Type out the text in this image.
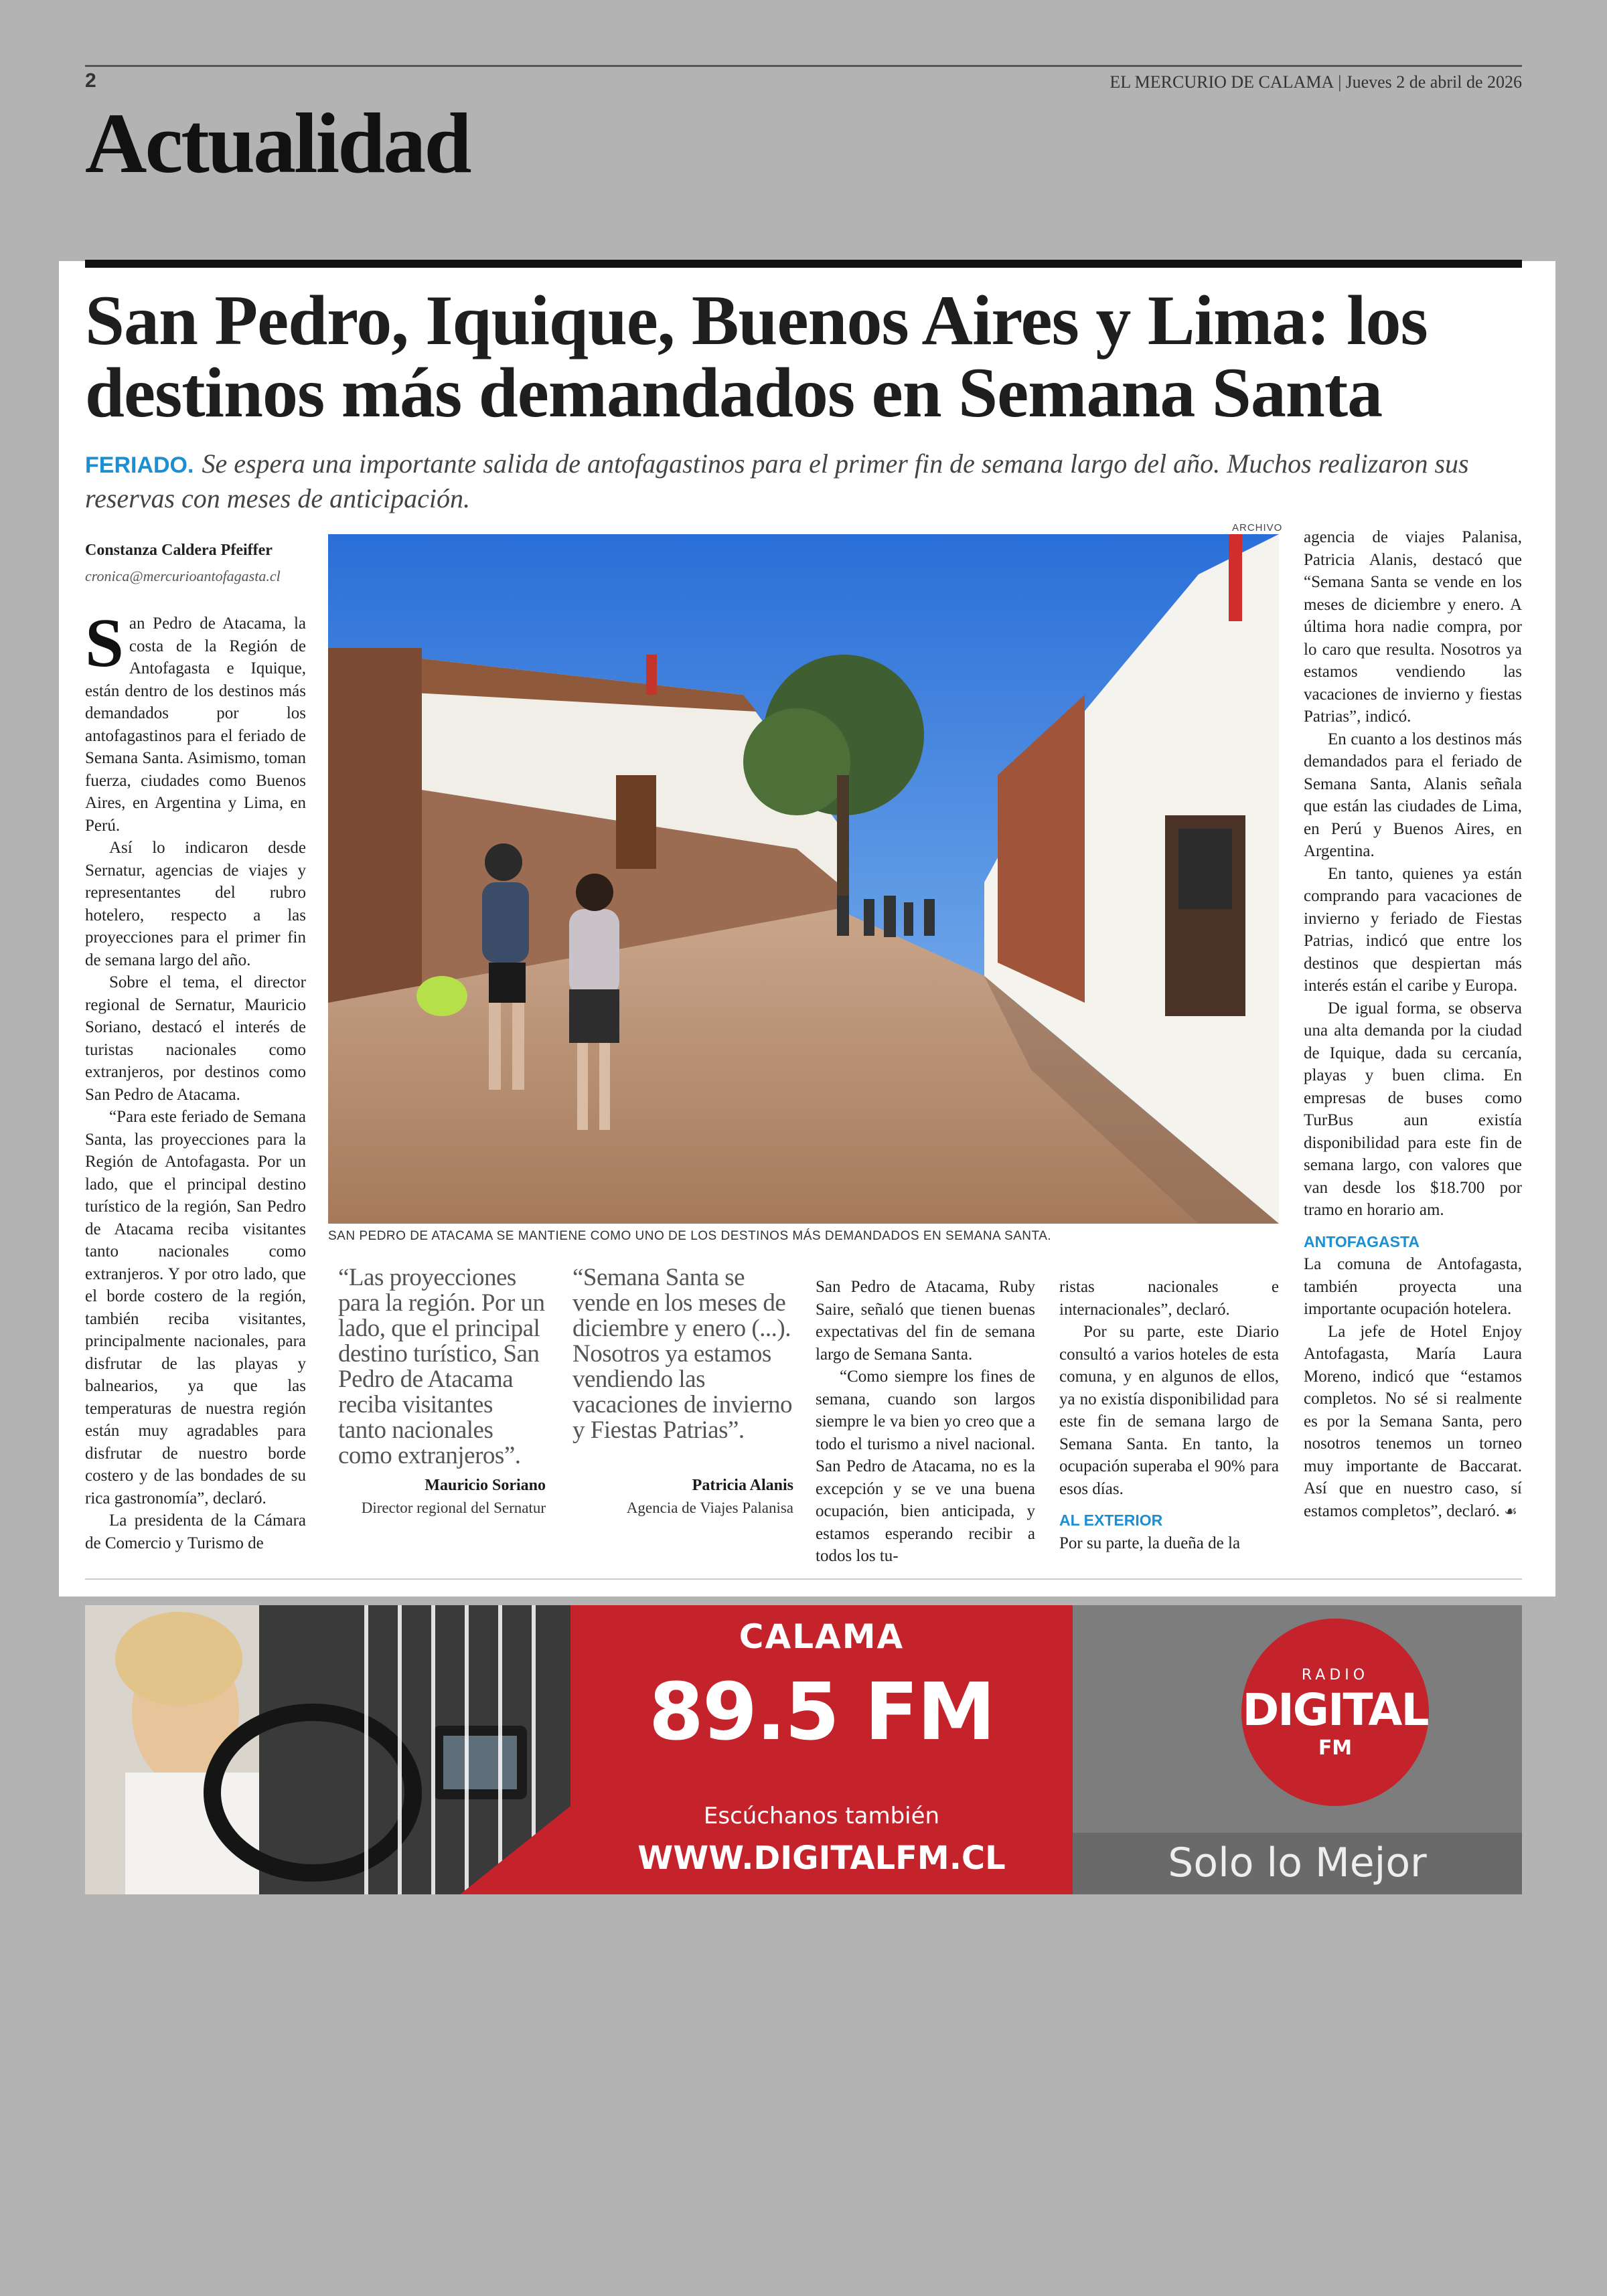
2	EL MERCURIO DE CALAMA | Jueves 2 de abril de 2026
Actualidad
San Pedro, Iquique, Buenos Aires y Lima: los destinos más demandados en Semana Santa
FERIADO. Se espera una importante salida de antofagastinos para el primer fin de semana largo del año. Muchos realizaron sus reservas con meses de anticipación.
ARCHIVO
Constanza Caldera Pfeiffer
cronica@mercurioantofagasta.cl

San Pedro de Atacama, la costa de la Región de Antofagasta e Iquique, están dentro de los destinos más demandados por los antofagastinos para el feriado de Semana Santa. Asimismo, toman fuerza, ciudades como Buenos Aires, en Argentina y Lima, en Perú.

Así lo indicaron desde Sernatur, agencias de viajes y representantes del rubro hotelero, respecto a las proyecciones para el primer fin de semana largo del año.

Sobre el tema, el director regional de Sernatur, Mauricio Soriano, destacó el interés de turistas nacionales como extranjeros, por destinos como San Pedro de Atacama.

“Para este feriado de Semana Santa, las proyecciones para la Región de Antofagasta. Por un lado, que el principal destino turístico de la región, San Pedro de Atacama reciba visitantes tanto nacionales como extranjeros. Y por otro lado, que el borde costero de la región, también reciba visitantes, principalmente nacionales, para disfrutar de las playas y balnearios, ya que las temperaturas de nuestra región están muy agradables para disfrutar de nuestro borde costero y de las bondades de su rica gastronomía”, declaró.

La presidenta de la Cámara de Comercio y Turismo de

SAN PEDRO DE ATACAMA SE MANTIENE COMO UNO DE LOS DESTINOS MÁS DEMANDADOS EN SEMANA SANTA.
“Las proyecciones para la región. Por un lado, que el principal destino turístico, San Pedro de Atacama reciba visitantes tanto nacionales como extranjeros”.
Mauricio Soriano
Director regional del Sernatur
“Semana Santa se vende en los meses de diciembre y enero (...). Nosotros ya estamos vendiendo las vacaciones de invierno y Fiestas Patrias”.
Patricia Alanis
Agencia de Viajes Palanisa

San Pedro de Atacama, Ruby Saire, señaló que tienen buenas expectativas del fin de semana largo de Semana Santa.

“Como siempre los fines de semana, cuando son largos siempre le va bien yo creo que a todo el turismo a nivel nacional. San Pedro de Atacama, no es la excepción y se ve una buena ocupación, bien anticipada, y estamos esperando recibir a todos los tu-

ristas nacionales e internacionales”, declaró.

Por su parte, este Diario consultó a varios hoteles de esta comuna, y en algunos de ellos, ya no existía disponibilidad para este fin de semana largo de Semana Santa. En tanto, la ocupación superaba el 90% para esos días.

AL EXTERIOR

Por su parte, la dueña de la

agencia de viajes Palanisa, Patricia Alanis, destacó que “Semana Santa se vende en los meses de diciembre y enero. A última hora nadie compra, por lo caro que resulta. Nosotros ya estamos vendiendo las vacaciones de invierno y fiestas Patrias”, indicó.

En cuanto a los destinos más demandados para el feriado de Semana Santa, Alanis señala que están las ciudades de Lima, en Perú y Buenos Aires, en Argentina.

En tanto, quienes ya están comprando para vacaciones de invierno y feriado de Fiestas Patrias, indicó que entre los destinos que despiertan más interés están el caribe y Europa.

De igual forma, se observa una alta demanda por la ciudad de Iquique, dada su cercanía, playas y buen clima. En empresas de buses como TurBus aun existía disponibilidad para este fin de semana largo, con valores que van desde los $18.700 por tramo en horario am.

ANTOFAGASTA

La comuna de Antofagasta, también proyecta una importante ocupación hotelera.

La jefe de Hotel Enjoy Antofagasta, María Laura Moreno, indicó que “estamos completos. No sé si realmente es por la Semana Santa, pero nosotros tenemos un torneo muy importante de Baccarat. Así que en nuestro caso, sí estamos completos”, declaró. ☙

CALAMA
89.5 FM
Escúchanos también
WWW.DIGITALFM.CL
RADIO
DIGITAL
FM
Solo lo Mejor
